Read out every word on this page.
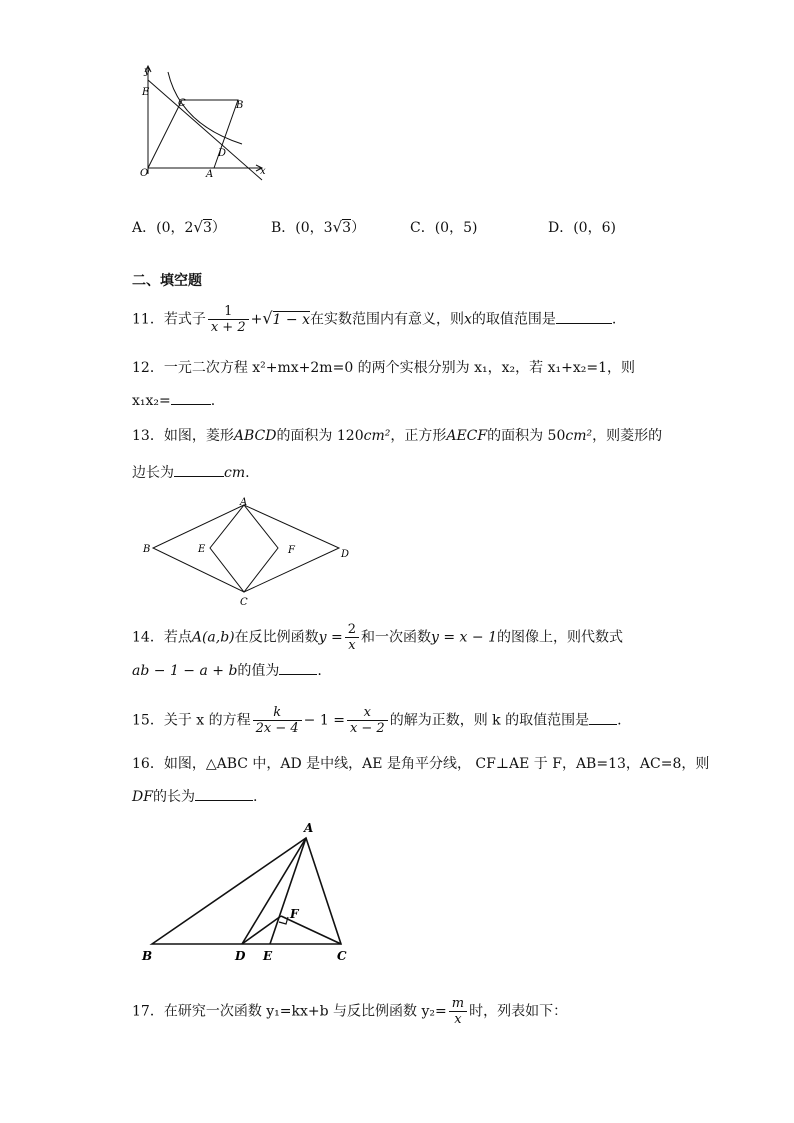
y
E
C	B
D
O	A	x
A．(0，2√3）	B．(0，3√3）	C．(0，5)	D．(0，6)
二、填空题
11．若式子 $\frac{1}{x + 2} +√1 - x$在实数范围内有意义，则x的取值范围是	.
12．一元二次方程 x²+mx+2m=0 的两个实根分别为 x₁，x₂，若 x₁+x₂=1，则
x₁x₂=	.
13．如图，菱形ABCD的面积为 120cm²，正方形AECF的面积为 50cm²，则菱形的
边长为	cm.
A
B	E	F	D
C
14．若点A(a,b)在反比例函数$y = \frac{2}{x}$ 和一次函数y = x − 1的图像上，则代数式
ab − 1 − a + b的值为	.
15．关于 x 的方程 $\frac{k}{2x - 4} - 1 = \frac{x}{x - 2}$ 的解为正数，则 k 的取值范围是 .
16．如图，△ABC 中，AD 是中线，AE 是角平分线， CF⊥AE 于 F，AB=13，AC=8，则
DF的长为	.
A
F
B	D E	C
17．在研究一次函数 y₁=kx+b 与反比例函数 $y_2= \frac{m}{x}$ 时，列表如下：
